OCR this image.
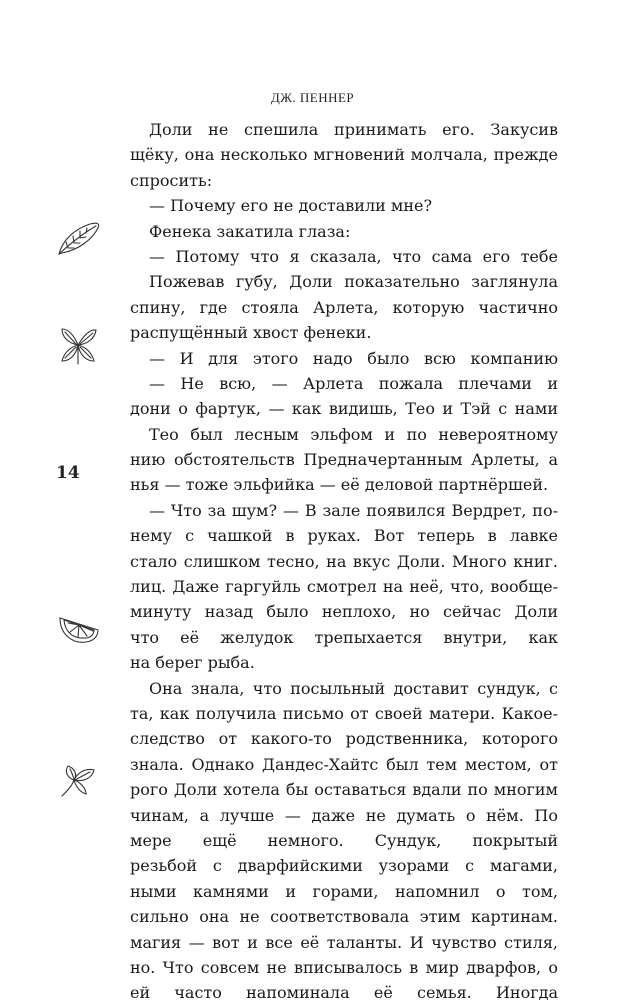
ДЖ. ПЕННЕР
14
Доли не спешила принимать его. Закусив
щёку, она несколько мгновений молчала, прежде
спросить:
— Почему его не доставили мне?
Фенека закатила глаза:
— Потому что я сказала, что сама его тебе
Пожевав губу, Доли показательно заглянула
спину, где стояла Арлета, которую частично
распущённый хвост фенеки.
— И для этого надо было всю компанию
— Не всю, — Арлета пожала плечами и
дони о фартук, — как видишь, Тео и Тэй с нами
Тео был лесным эльфом и по невероятному
нию обстоятельств Предначертанным Арлеты, а
нья — тоже эльфийка — её деловой партнёршей.
— Что за шум? — В зале появился Вердрет, по-
нему с чашкой в руках. Вот теперь в лавке
стало слишком тесно, на вкус Доли. Много книг.
лиц. Даже гаргуйль смотрел на неё, что, вообще-
минуту назад было неплохо, но сейчас Доли
что её желудок трепыхается внутри, как
на берег рыба.
Она знала, что посыльный доставит сундук, с
та, как получила письмо от своей матери. Какое-
следство от какого-то родственника, которого
знала. Однако Дандес-Хайтс был тем местом, от
рого Доли хотела бы оставаться вдали по многим
чинам, а лучше — даже не думать о нём. По
мере ещё немного. Сундук, покрытый
резьбой с дварфийскими узорами с магами,
ными камнями и горами, напомнил о том,
сильно она не соответствовала этим картинам.
магия — вот и все её таланты. И чувство стиля,
но. Что совсем не вписывалось в мир дварфов, о
ей часто напоминала её семья. Иногда
